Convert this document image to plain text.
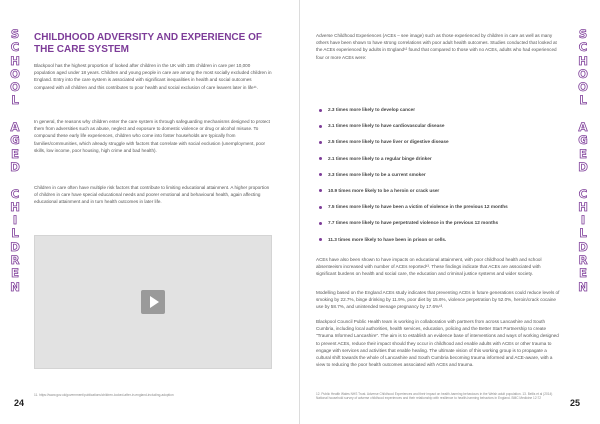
S
C
H
O
O
L

A
G
E
D

C
H
I
L
D
R
E
N
CHILDHOOD ADVERSITY AND EXPERIENCE OF THE CARE SYSTEM

Blackpool has the highest proportion of looked after children in the UK with 185 children in care per 10,000 population aged under 18 years. Children and young people in care are among the most socially excluded children in England. Entry into the care system is associated with significant inequalities in health and social outcomes compared with all children and this contributes to poor health and social exclusion of care leavers later in life¹¹.

In general, the reasons why children enter the care system is through safeguarding mechanisms designed to protect them from adversities such as abuse, neglect and exposure to domestic violence or drug or alcohol misuse. To compound these early life experiences, children who come into foster households are typically from families/communities, which already struggle with factors that correlate with social exclusion (unemployment, poor skills, low income, poor housing, high crime and bad health).

Children in care often have multiple risk factors that contribute to limiting educational attainment. A higher proportion of children in care have special educational needs and poorer emotional and behavioural health, again affecting educational attainment and in turn health outcomes in later life.

11. https://www.gov.uk/government/publications/children-looked-after-in-england-including-adoption

24
S
C
H
O
O
L

A
G
E
D

C
H
I
L
D
R
E
N

Adverse Childhood Experiences (ACEs – see image) such as those experienced by children in care as well as many others have been shown to have strong correlations with poor adult health outcomes. Studies conducted that looked at the ACEs experienced by adults in England¹² found that compared to those with no ACEs, adults who had experienced four or more ACEs were:

2.3 times more likely to develop cancer
3.1 times more likely to have cardiovascular disease
2.5 times more likely to have liver or digestive disease
2.1 times more likely to a regular binge drinker
3.3 times more likely to be a current smoker
10.9 times more likely to be a heroin or crack user
7.5 times more likely to have been a victim of violence in the previous 12 months
7.7 times more likely to have perpetrated violence in the previous 12 months
11.3 times more likely to have been in prison or cells.

ACEs have also been shown to have impacts on educational attainment, with poor childhood health and school absenteeism increased with number of ACEs reported¹³. These findings indicate that ACEs are associated with significant burdens on health and social care, the education and criminal justice systems and wider society.

Modelling based on the England ACEs study indicates that preventing ACEs in future generations could reduce levels of smoking by 22.7%, binge drinking by 11.9%, poor diet by 15.6%, violence perpetration by 52.0%, heroin/crack cocaine use by 58.7%, and unintended teenage pregnancy by 17.6%¹³.

Blackpool Council Public Health team is working in collaboration with partners from across Lancashire and South Cumbria, including local authorities, health services, education, policing and the Better Start Partnership to create "Trauma Informed Lancashire". The aim is to establish an evidence base of interventions and ways of working designed to prevent ACEs, reduce their impact should they occur in childhood and enable adults with ACEs or other trauma to engage with services and activities that enable healing. The ultimate vision of this working group is to propagate a cultural shift towards the whole of Lancashire and South Cumbria becoming trauma informed and ACE-aware, with a view to reducing the poor health outcomes associated with ACEs and trauma.

12. Public Health Wales NHS Trust. Adverse Childhood Experiences and their impact on health-harming behaviours in the Welsh adult population. 13. Bellis et al (2014) National household survey of adverse childhood experiences and their relationship with resilience to health-harming behaviors in England. BMC Medicine 12:72	25
